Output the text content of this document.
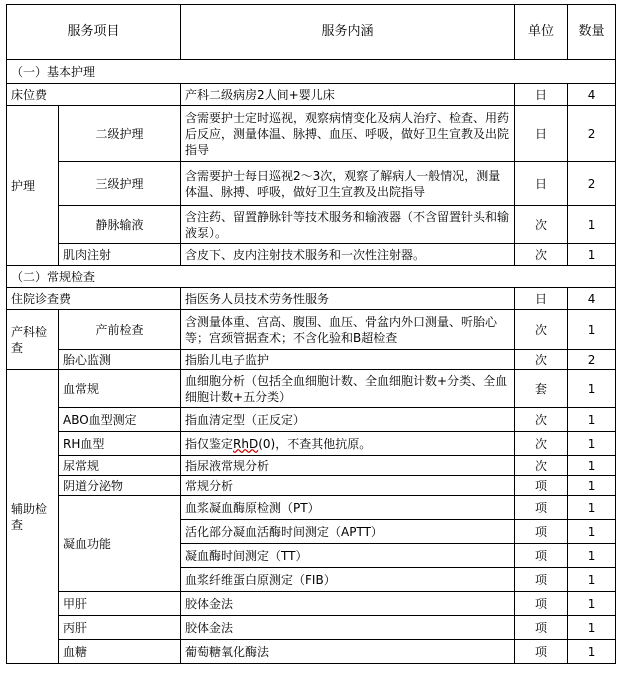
服务项目		服务内涵	单位	数量
（一）基本护理				
床位费		产科二级病房2人间+婴儿床	日	4
护理	二级护理	含需要护士定时巡视，观察病情变化及病人治疗、检查、用药后反应，测量体温、脉搏、血压、呼吸，做好卫生宣教及出院指导	日	2
	三级护理	含需要护士每日巡视2～3次，观察了解病人一般情况，测量体温、脉搏、呼吸，做好卫生宣教及出院指导	日	2
	静脉输液	含注药、留置静脉针等技术服务和输液器（不含留置针头和输液泵）。	次	1
	肌肉注射	含皮下、皮内注射技术服务和一次性注射器。	次	1
（二）常规检查				
住院诊查费		指医务人员技术劳务性服务	日	4
产科检查	产前检查	含测量体重、宫高、腹围、血压、骨盆内外口测量、听胎心等；宫颈管据查术；不含化验和B超检查	次	1
	胎心监测	指胎儿电子监护	次	2
辅助检查	血常规	血细胞分析（包括全血细胞计数、全血细胞计数+分类、全血细胞计数+五分类）	套	1
	ABO血型测定	指血清定型（正反定）	次	1
	RH血型	指仅鉴定RhD(0)，不查其他抗原。	次	1
	尿常规	指尿液常规分析	次	1
	阴道分泌物	常规分析	项	1
	凝血功能	血浆凝血酶原检测（PT）	项	1
		活化部分凝血活酶时间测定（APTT）	项	1
		凝血酶时间测定（TT）	项	1
		血浆纤维蛋白原测定（FIB）	项	1
	甲肝	胶体金法	项	1
	丙肝	胶体金法	项	1
	血糖	葡萄糖氧化酶法	项	1
